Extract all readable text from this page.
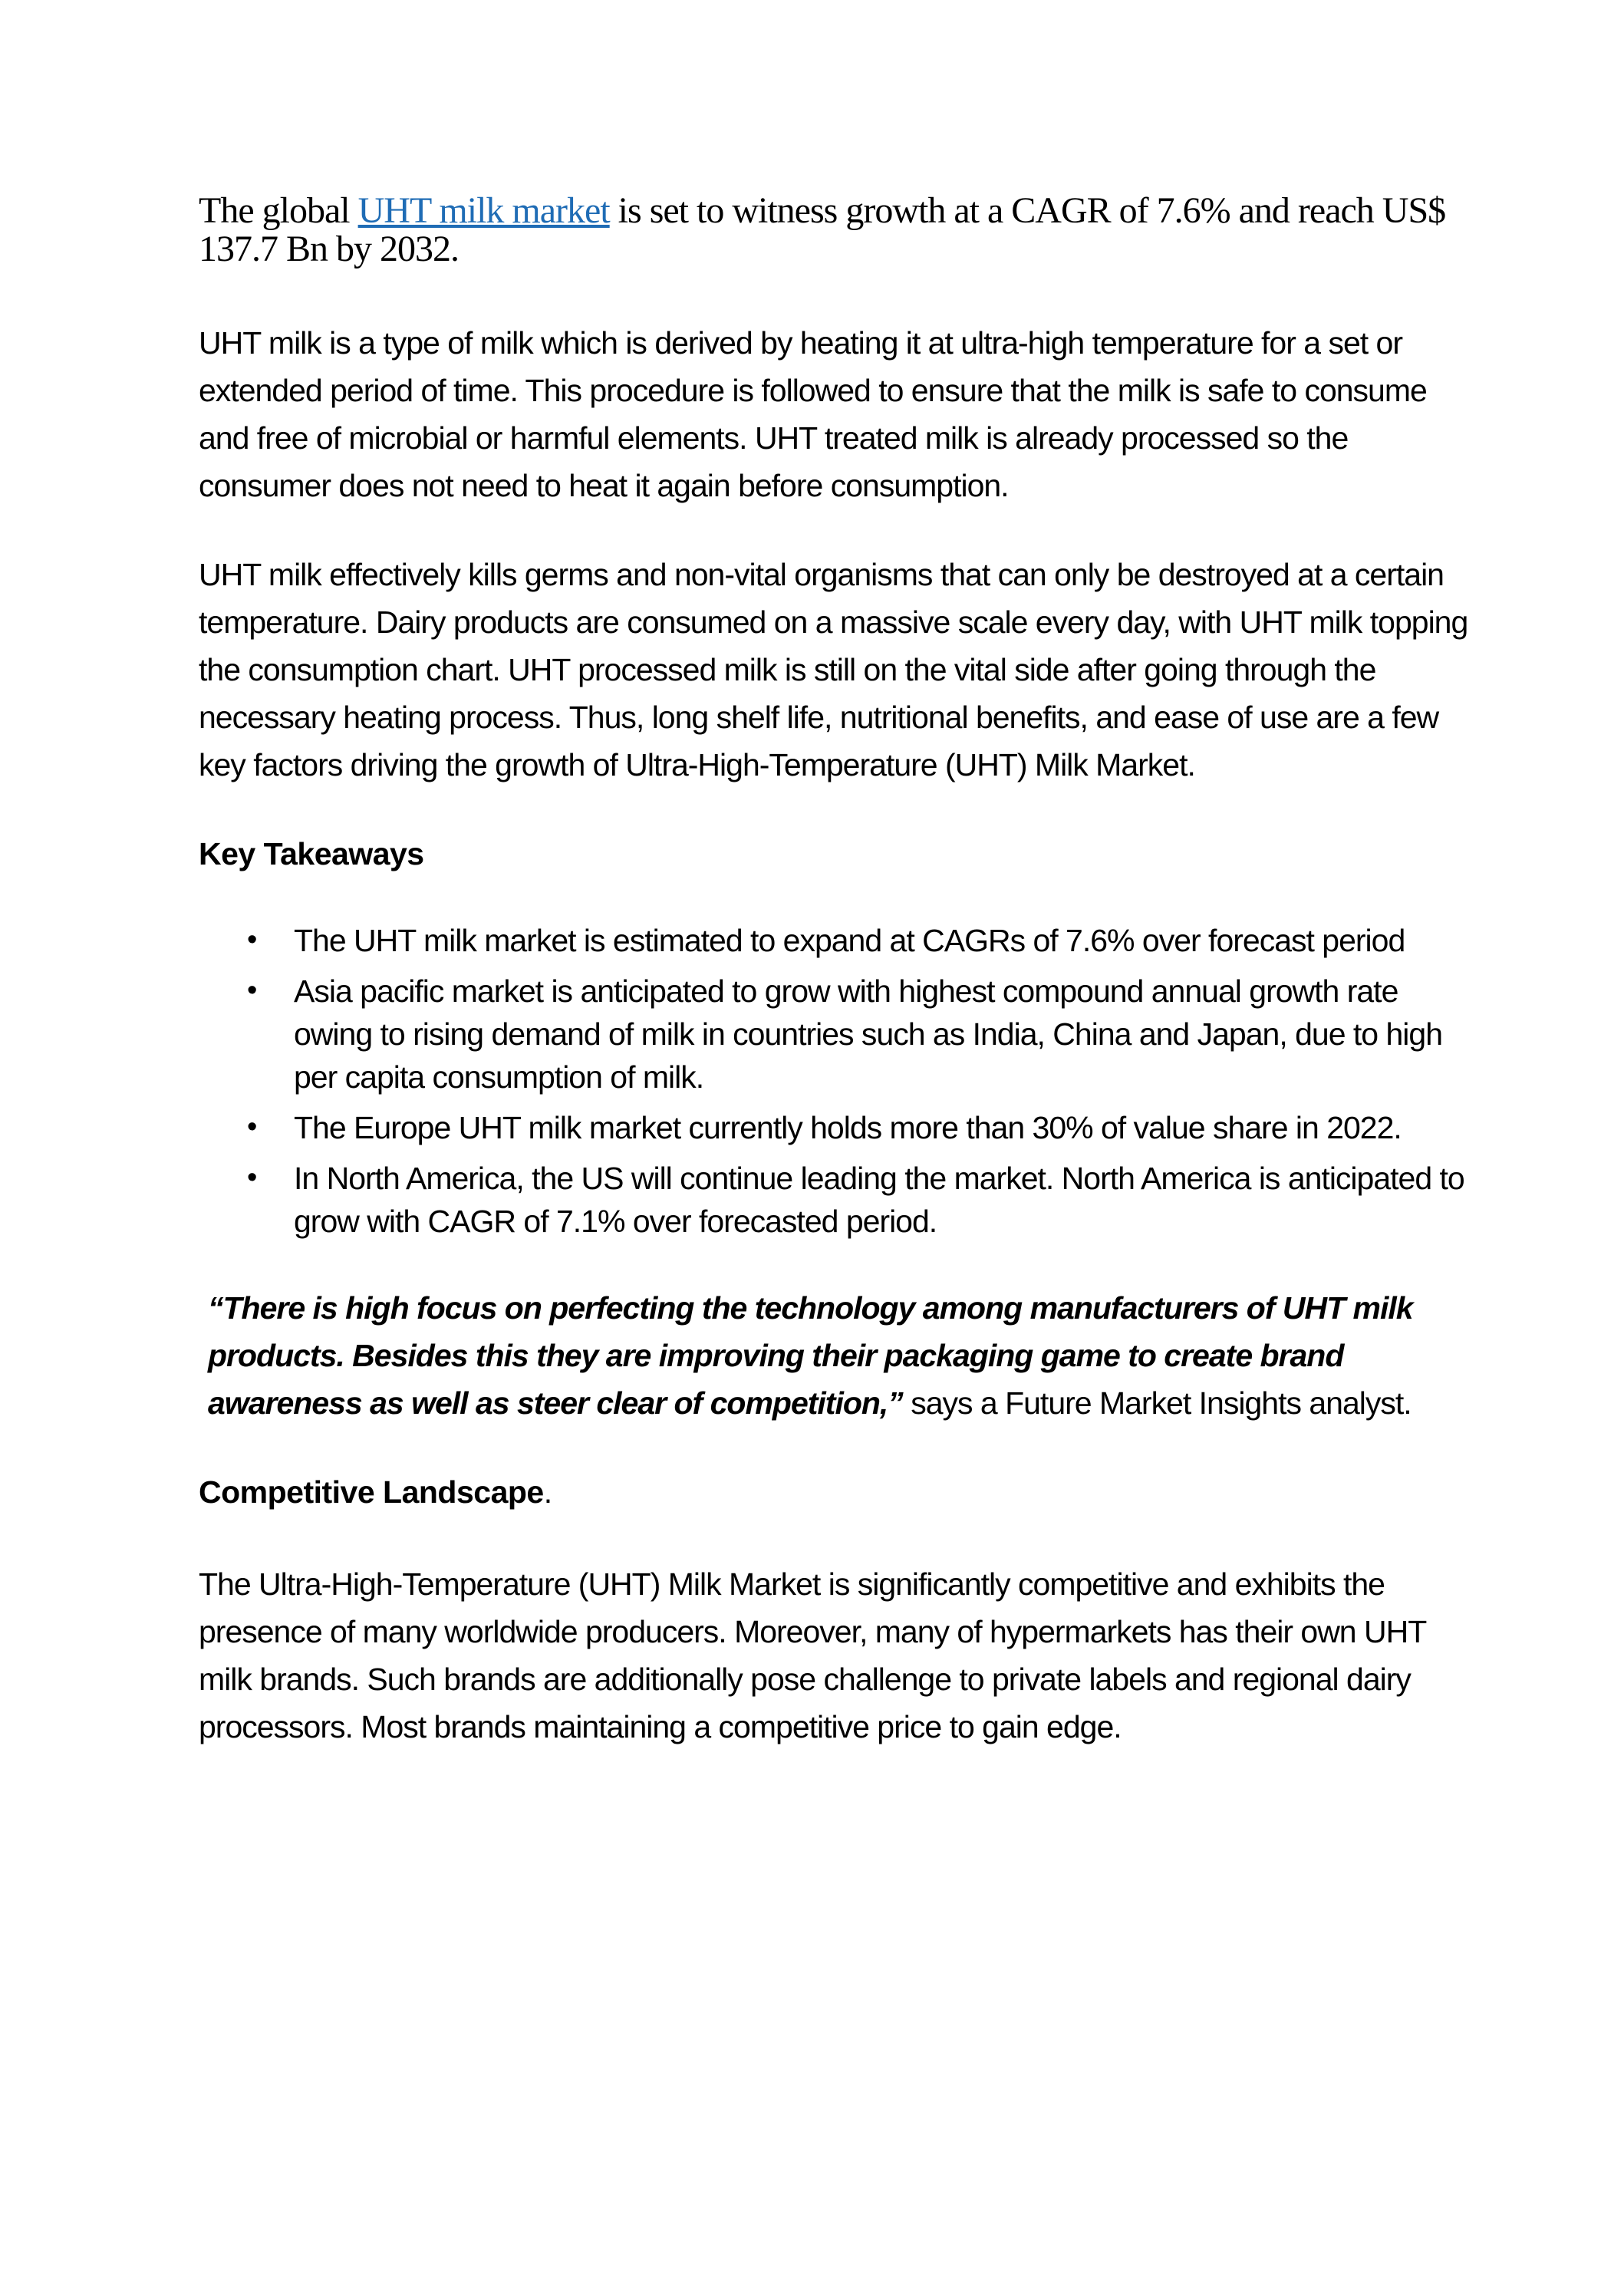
The global UHT milk market is set to witness growth at a CAGR of 7.6% and reach US$ 137.7 Bn by 2032.

UHT milk is a type of milk which is derived by heating it at ultra-high temperature for a set or extended period of time. This procedure is followed to ensure that the milk is safe to consume and free of microbial or harmful elements. UHT treated milk is already processed so the consumer does not need to heat it again before consumption.

UHT milk effectively kills germs and non-vital organisms that can only be destroyed at a certain temperature. Dairy products are consumed on a massive scale every day, with UHT milk topping the consumption chart. UHT processed milk is still on the vital side after going through the necessary heating process. Thus, long shelf life, nutritional benefits, and ease of use are a few key factors driving the growth of Ultra-High-Temperature (UHT) Milk Market.

Key Takeaways

• The UHT milk market is estimated to expand at CAGRs of 7.6% over forecast period
• Asia pacific market is anticipated to grow with highest compound annual growth rate owing to rising demand of milk in countries such as India, China and Japan, due to high per capita consumption of milk.
• The Europe UHT milk market currently holds more than 30% of value share in 2022.
• In North America, the US will continue leading the market. North America is anticipated to grow with CAGR of 7.1% over forecasted period.

“There is high focus on perfecting the technology among manufacturers of UHT milk products. Besides this they are improving their packaging game to create brand awareness as well as steer clear of competition,” says a Future Market Insights analyst.

Competitive Landscape.

The Ultra-High-Temperature (UHT) Milk Market is significantly competitive and exhibits the presence of many worldwide producers. Moreover, many of hypermarkets has their own UHT milk brands. Such brands are additionally pose challenge to private labels and regional dairy processors. Most brands maintaining a competitive price to gain edge.
